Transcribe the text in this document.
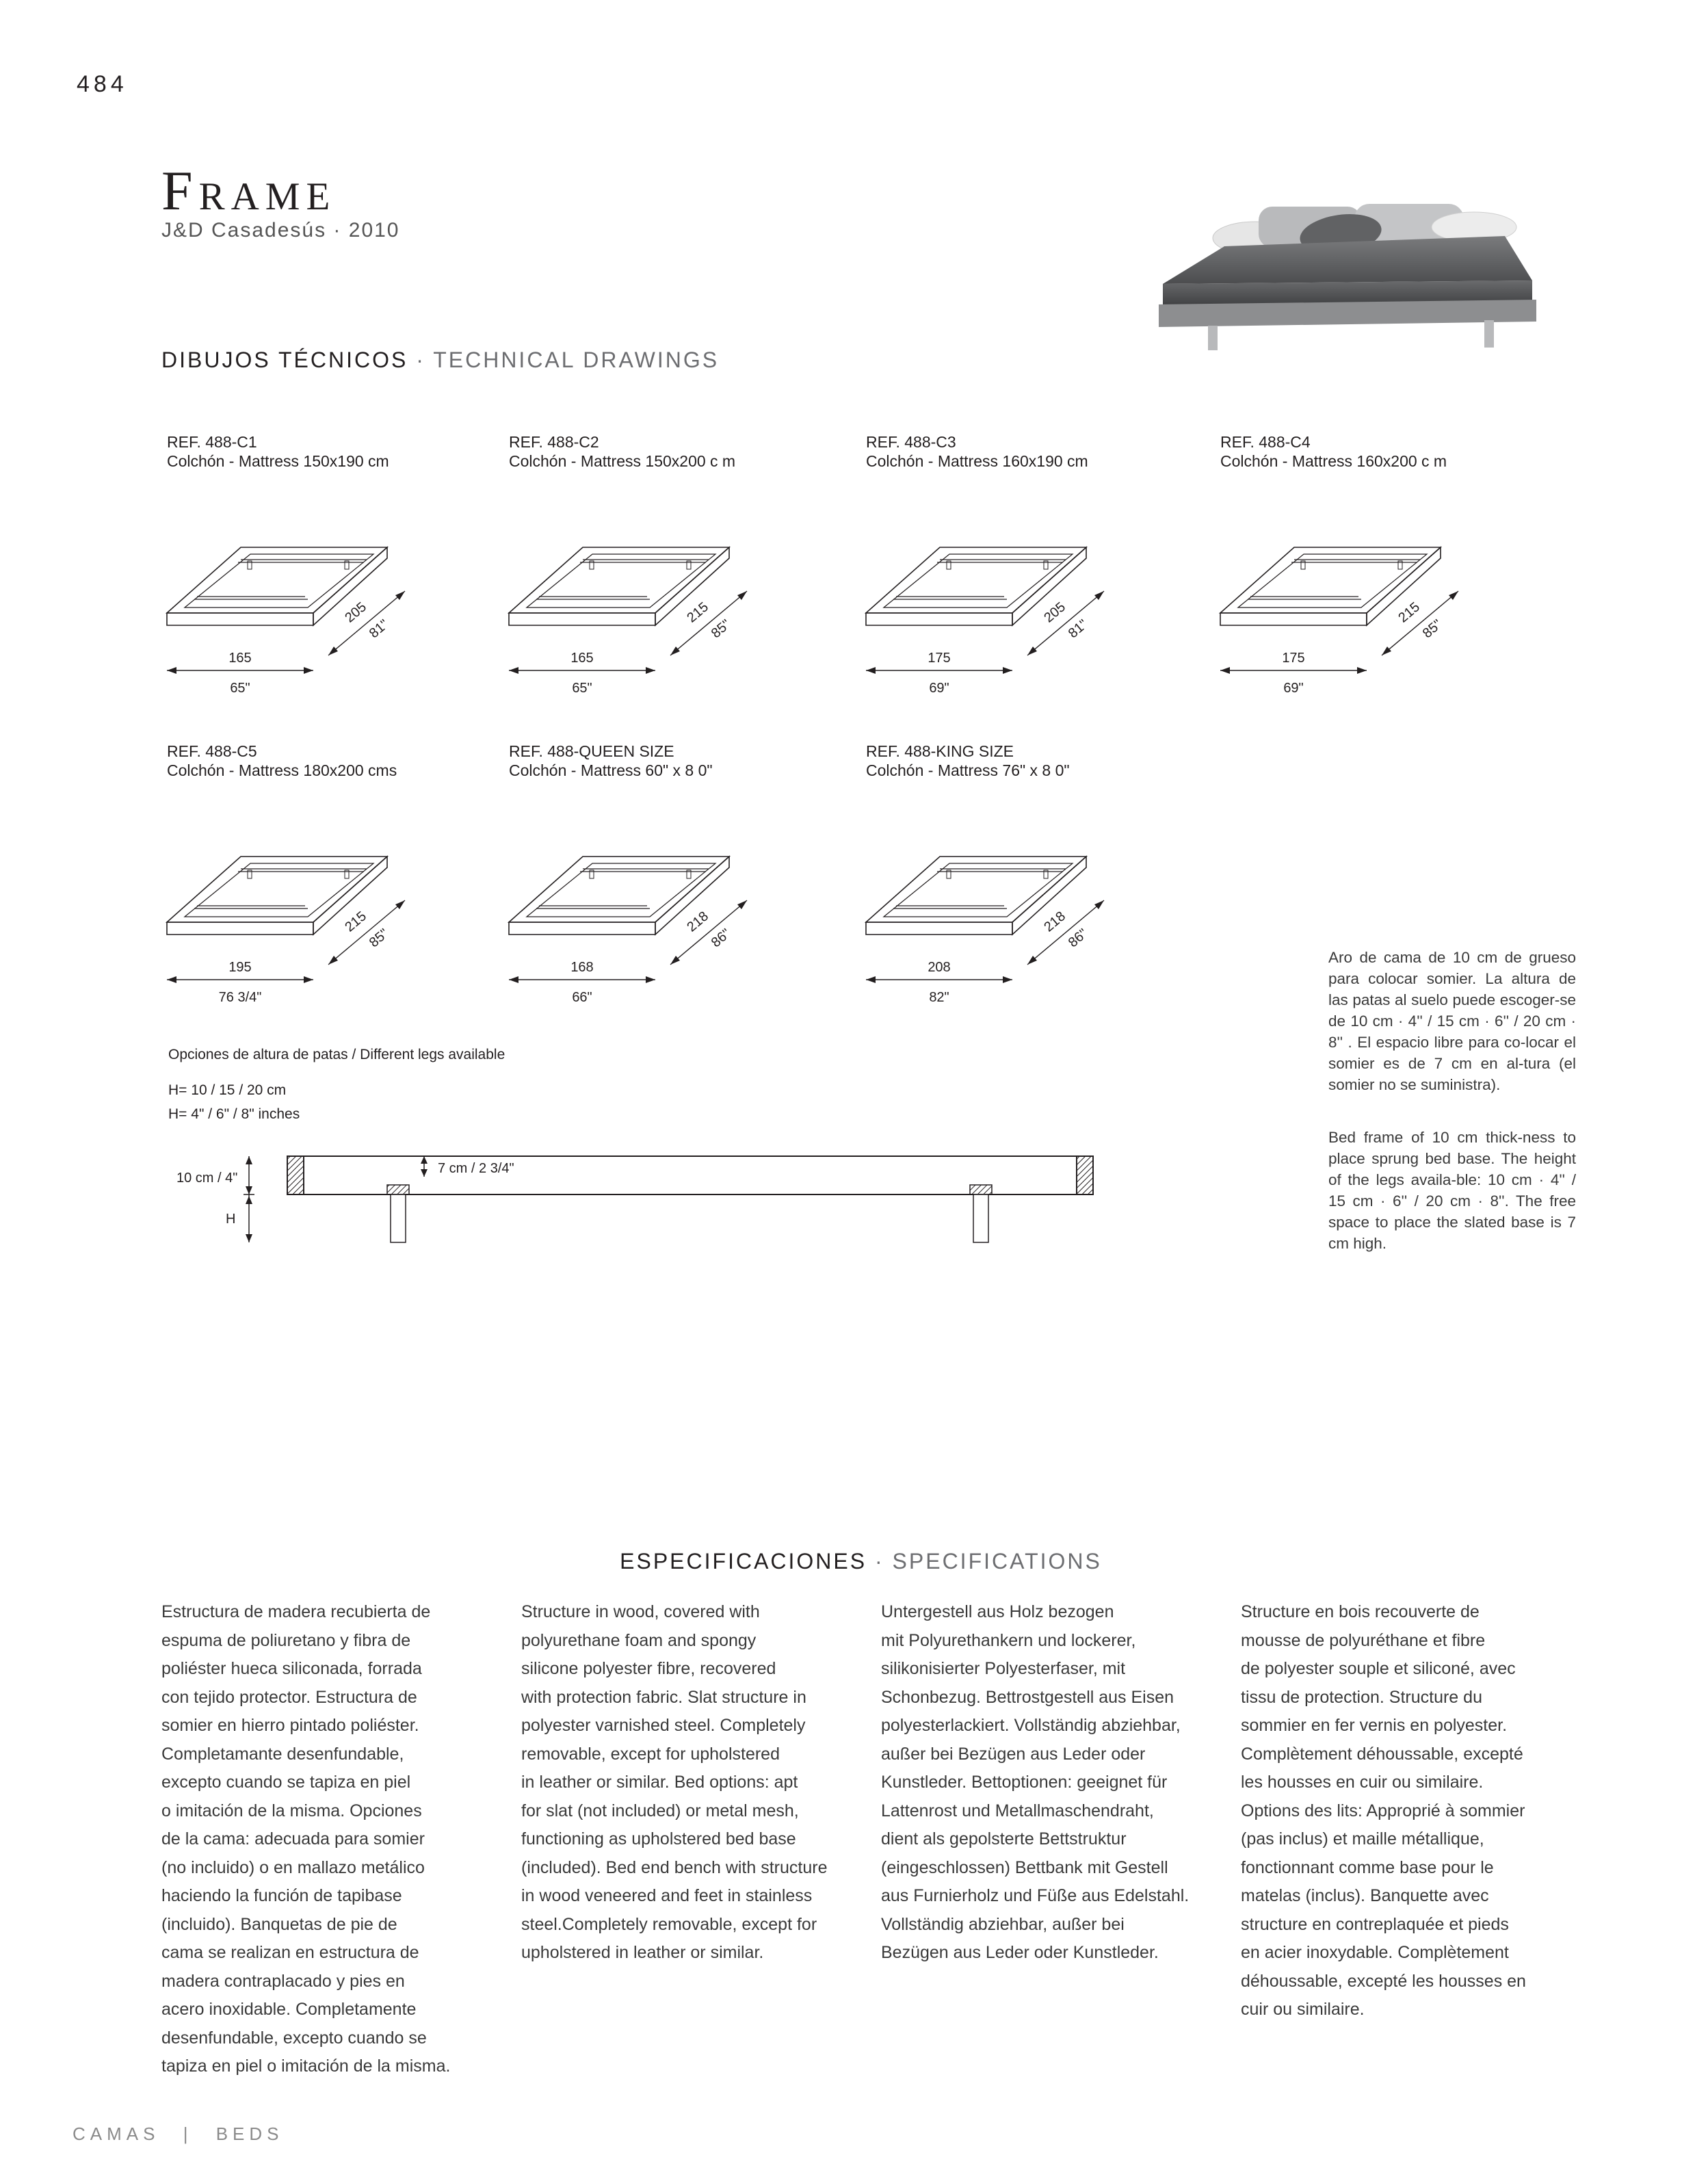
484
Frame
J&D Casadesús · 2010
DIBUJOS TÉCNICOS · TECHNICAL DRAWINGS
REF. 488-C1
Colchón - Mattress 150x190 cm
REF. 488-C2
Colchón - Mattress 150x200 c m
REF. 488-C3
Colchón - Mattress 160x190 cm
REF. 488-C4
Colchón - Mattress 160x200 c m
REF. 488-C5
Colchón - Mattress 180x200 cms
REF. 488-QUEEN SIZE
Colchón - Mattress 60" x 8 0"
REF. 488-KING SIZE
Colchón - Mattress 76" x 8 0"
165
65"
205
81"
165
65"
215
85"
175
69"
205
81"
175
69"
215
85"
195
76 3/4"
215
85"
168
66"
218
86"
208
82"
218
86"
Opciones de altura de patas / Different legs available
H= 10 / 15 / 20 cm
H= 4" / 6" / 8" inches
10 cm / 4"
H
7 cm / 2 3/4"
Aro de cama de 10 cm de grueso para colocar somier. La altura de las patas al suelo puede escoger-se de 10 cm · 4'' / 15 cm · 6'' / 20 cm · 8'' . El espacio libre para co-locar el somier es de 7 cm en al-tura (el somier no se suministra).
Bed frame of 10 cm thick-ness to place sprung bed base. The height of the legs availa-ble: 10 cm · 4'' / 15 cm · 6'' / 20 cm · 8''. The free space to place the slated base is 7 cm high.
ESPECIFICACIONES · SPECIFICATIONS
Estructura de madera recubierta de
espuma de poliuretano y fibra de
poliéster hueca siliconada, forrada
con tejido protector. Estructura de
somier en hierro pintado poliéster.
Completamante desenfundable,
excepto cuando se tapiza en piel
o imitación de la misma. Opciones
de la cama: adecuada para somier
(no incluido) o en mallazo metálico
haciendo la función de tapibase
(incluido). Banquetas de pie de
cama se realizan en estructura de
madera contraplacado y pies en
acero inoxidable. Completamente
desenfundable, excepto cuando se
tapiza en piel o imitación de la misma.
Structure in wood, covered with
polyurethane foam and spongy
silicone polyester fibre, recovered
with protection fabric. Slat structure in
polyester varnished steel. Completely
removable, except for upholstered
in leather or similar. Bed options: apt
for slat (not included) or metal mesh,
functioning as upholstered bed base
(included). Bed end bench with structure
in wood veneered and feet in stainless
steel.Completely removable, except for
upholstered in leather or similar.
Untergestell aus Holz bezogen
mit Polyurethankern und lockerer,
silikonisierter Polyesterfaser, mit
Schonbezug. Bettrostgestell aus Eisen
polyesterlackiert. Vollständig abziehbar,
außer bei Bezügen aus Leder oder
Kunstleder. Bettoptionen: geeignet für
Lattenrost und Metallmaschendraht,
dient als gepolsterte Bettstruktur
(eingeschlossen) Bettbank mit Gestell
aus Furnierholz und Füße aus Edelstahl.
Vollständig abziehbar, außer bei
Bezügen aus Leder oder Kunstleder.
Structure en bois recouverte de
mousse de polyuréthane et fibre
de polyester souple et siliconé, avec
tissu de protection. Structure du
sommier en fer vernis en polyester.
Complètement déhoussable, excepté
les housses en cuir ou similaire.
Options des lits: Approprié à sommier
(pas inclus) et maille métallique,
fonctionnant comme base pour le
matelas (inclus). Banquette avec
structure en contreplaquée et pieds
en acier inoxydable. Complètement
déhoussable, excepté les housses en
cuir ou similaire.
CAMAS | BEDS
